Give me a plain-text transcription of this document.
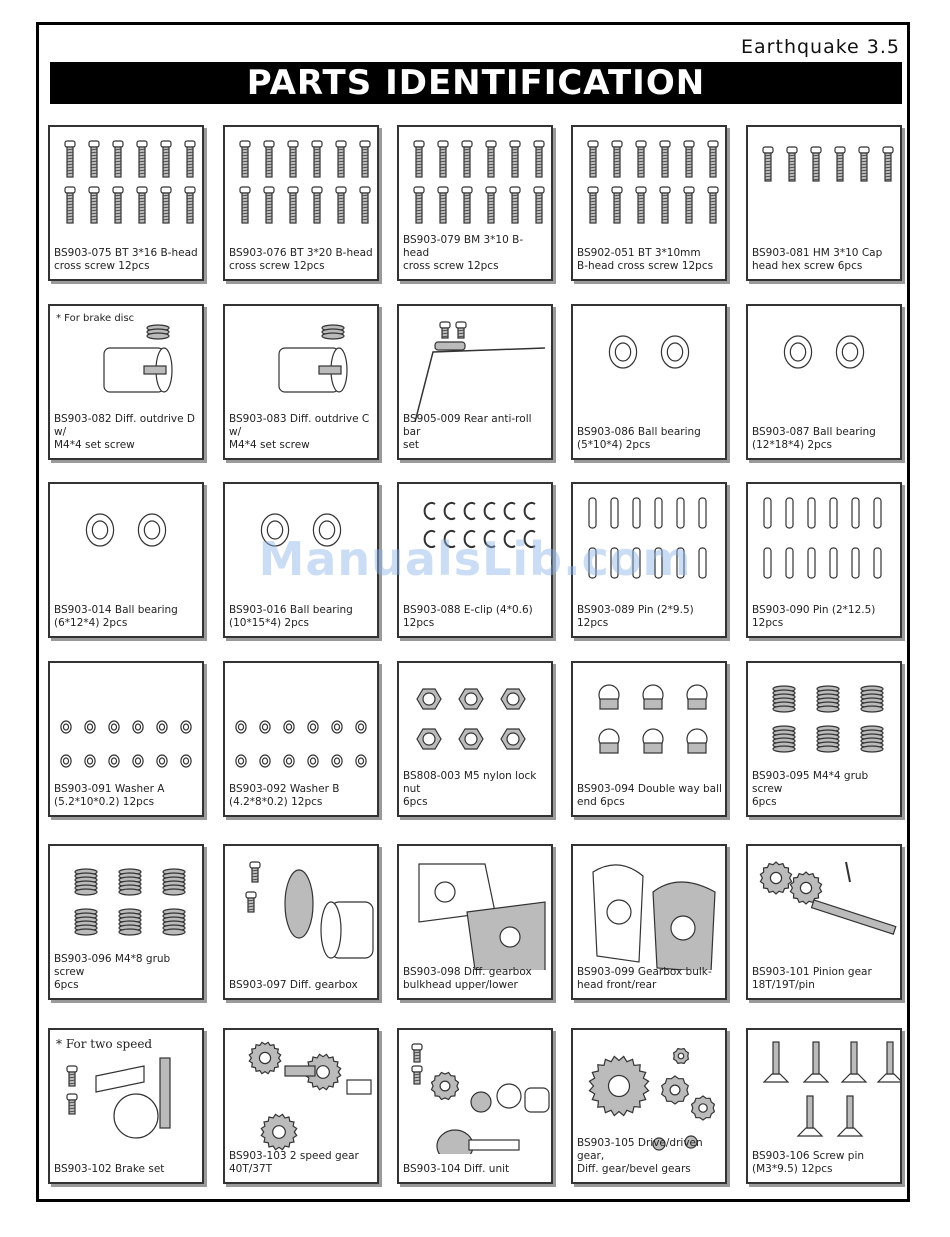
Earthquake 3.5
PARTS IDENTIFICATION
BS903-075 BT 3*16 B-head
cross screw 12pcs
BS903-076 BT 3*20 B-head
cross screw 12pcs
BS903-079 BM 3*10 B-head
cross screw 12pcs
BS902-051 BT 3*10mm
B-head cross screw 12pcs
BS903-081 HM 3*10 Cap
head hex screw 6pcs
* For brake disc
BS903-082 Diff. outdrive D w/
M4*4 set screw
BS903-083 Diff. outdrive C w/
M4*4 set screw
BS905-009 Rear anti-roll bar
set
BS903-086 Ball bearing
(5*10*4) 2pcs
BS903-087 Ball bearing
(12*18*4) 2pcs
BS903-014 Ball bearing
(6*12*4) 2pcs
BS903-016 Ball bearing
(10*15*4) 2pcs
BS903-088 E-clip (4*0.6)
12pcs
BS903-089 Pin (2*9.5)
12pcs
BS903-090 Pin (2*12.5)
12pcs
BS903-091 Washer A
(5.2*10*0.2) 12pcs
BS903-092 Washer B
(4.2*8*0.2) 12pcs
BS808-003 M5 nylon lock nut
6pcs
BS903-094 Double way ball
end 6pcs
BS903-095 M4*4 grub screw
6pcs
BS903-096 M4*8 grub screw
6pcs	BS903-097 Diff. gearbox
BS903-098 Diff. gearbox
bulkhead upper/lower
BS903-099 Gearbox bulk-
head front/rear
BS903-101 Pinion gear
18T/19T/pin
* For two speed
BS903-102 Brake set
BS903-103 2 speed gear
40T/37T	BS903-104 Diff. unit
BS903-105 Drive/driven gear,
Diff. gear/bevel gears
BS903-106 Screw pin
(M3*9.5) 12pcs
ManualsLib.com
